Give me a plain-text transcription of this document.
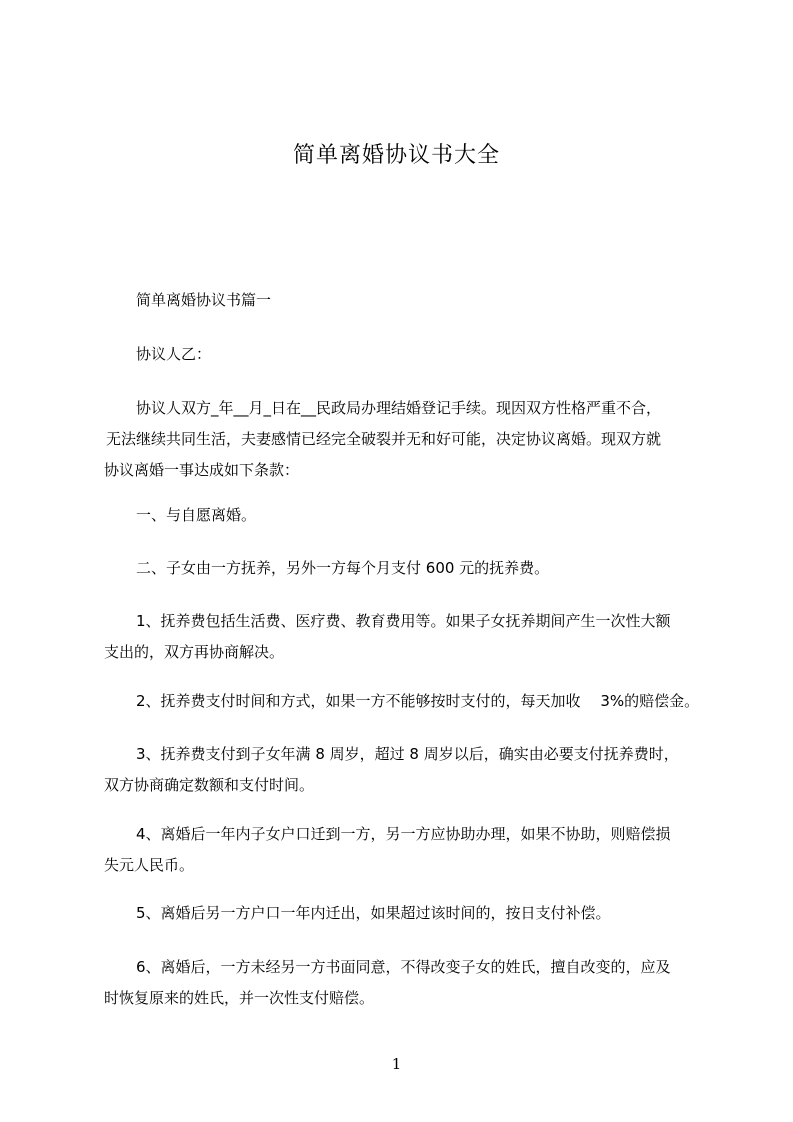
简单离婚协议书大全

简单离婚协议书篇一

协议人乙：

协议人双方_年__月_日在__民政局办理结婚登记手续。现因双方性格严重不合，
无法继续共同生活，夫妻感情已经完全破裂并无和好可能，决定协议离婚。现双方就
协议离婚一事达成如下条款：

一、与自愿离婚。

二、子女由一方抚养，另外一方每个月支付 600 元的抚养费。

1、抚养费包括生活费、医疗费、教育费用等。如果子女抚养期间产生一次性大额
支出的，双方再协商解决。

2、抚养费支付时间和方式，如果一方不能够按时支付的，每天加收　 3%的赔偿金。

3、抚养费支付到子女年满 8 周岁，超过 8 周岁以后，确实由必要支付抚养费时，
双方协商确定数额和支付时间。

4、离婚后一年内子女户口迁到一方，另一方应协助办理，如果不协助，则赔偿损
失元人民币。

5、离婚后另一方户口一年内迁出，如果超过该时间的，按日支付补偿。

6、离婚后，一方未经另一方书面同意，不得改变子女的姓氏，擅自改变的，应及
时恢复原来的姓氏，并一次性支付赔偿。

1
